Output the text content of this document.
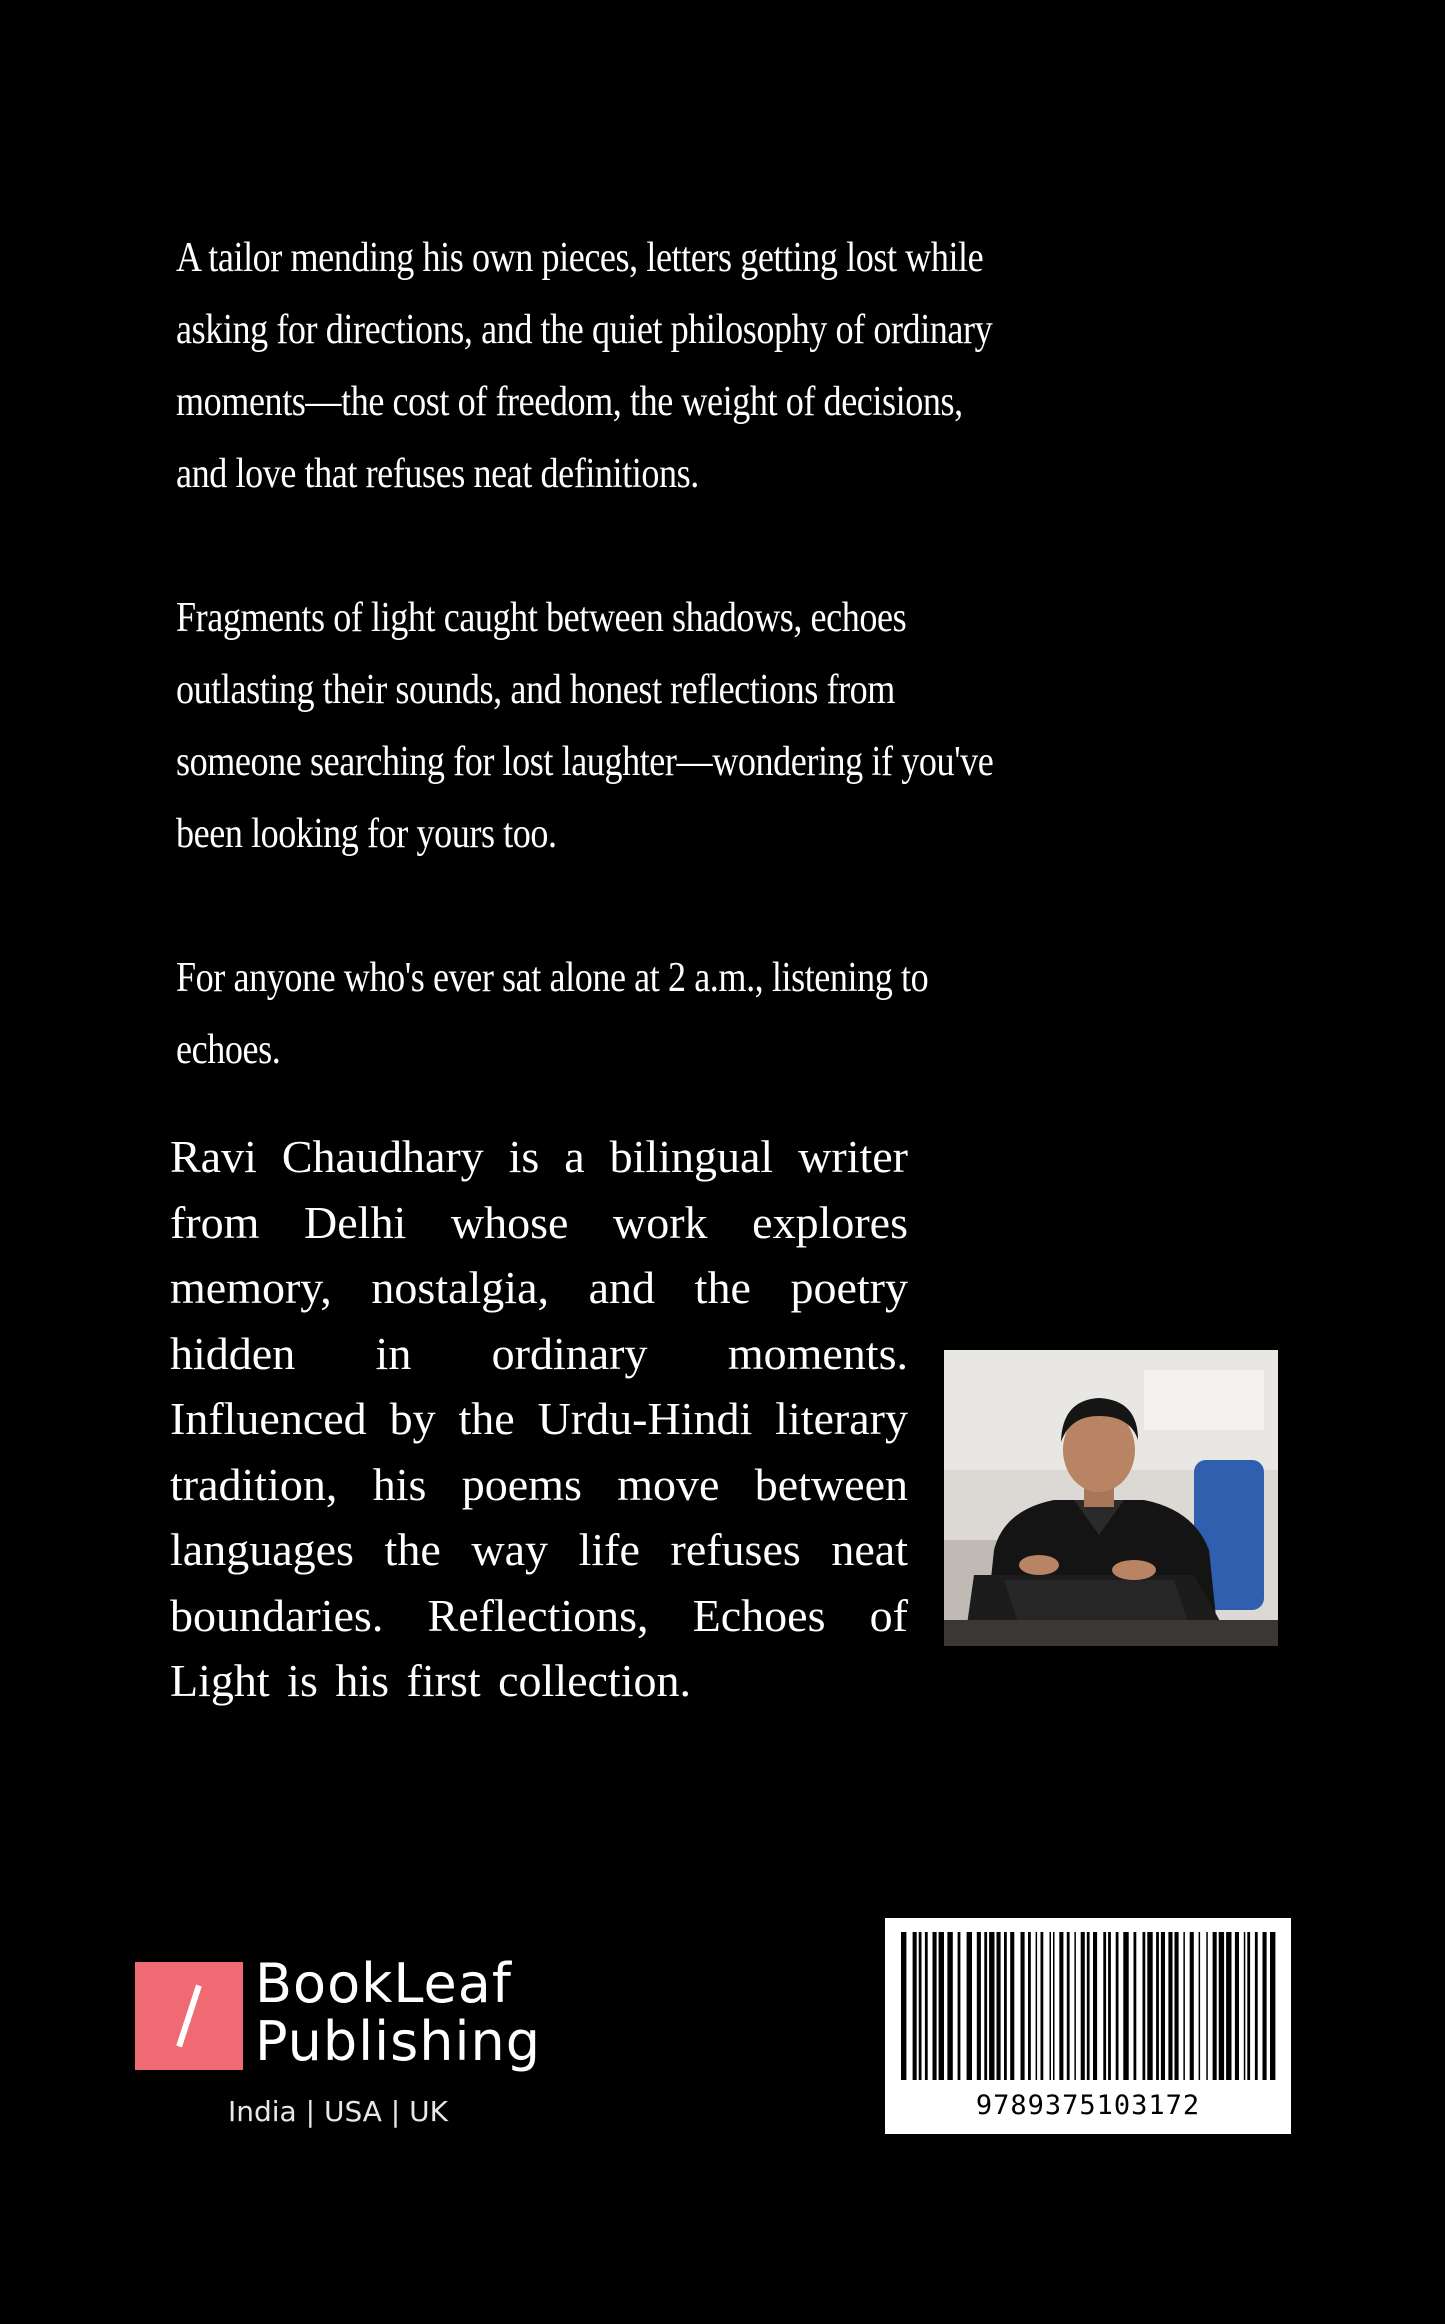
A tailor mending his own pieces, letters getting lost while asking for directions, and the quiet philosophy of ordinary moments—the cost of freedom, the weight of decisions, and love that refuses neat definitions.

Fragments of light caught between shadows, echoes outlasting their sounds, and honest reflections from someone searching for lost laughter—wondering if you've been looking for yours too.

For anyone who's ever sat alone at 2 a.m., listening to echoes.

Ravi Chaudhary is a bilingual writer from Delhi whose work explores memory, nostalgia, and the poetry hidden in ordinary moments. Influenced by the Urdu-Hindi literary tradition, his poems move between languages the way life refuses neat boundaries. Reflections, Echoes of Light is his first collection.
BookLeaf
Publishing
India | USA | UK	9789375103172
